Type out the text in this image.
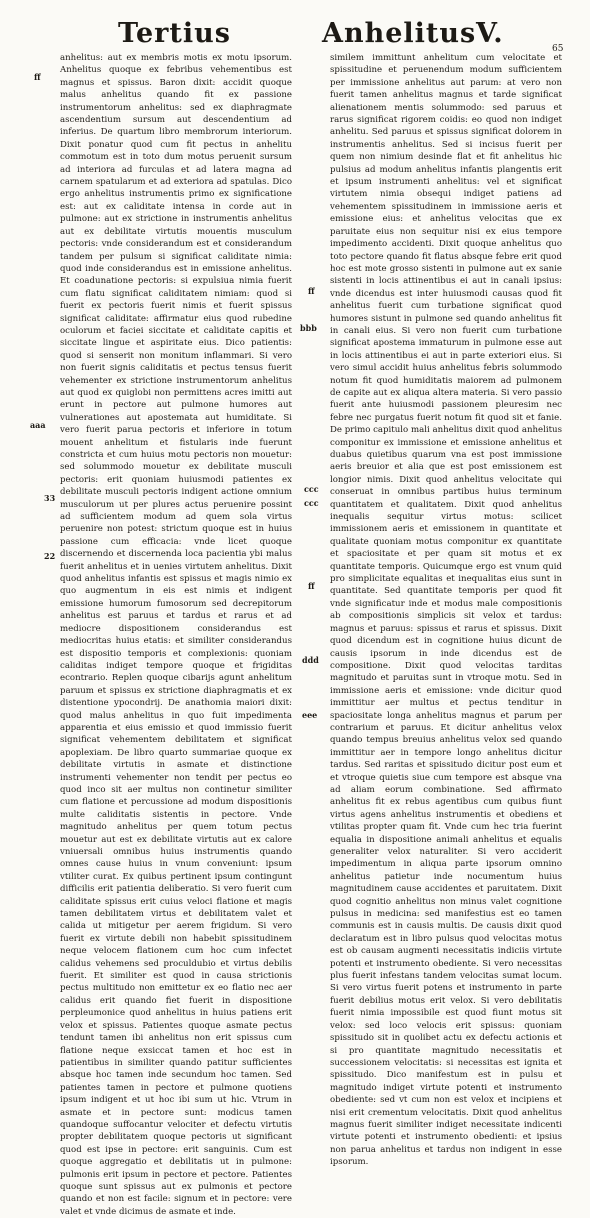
Tertius	Anhelitus V.	65
anhelitus: aut ex membris motis ex motu ipsorum. Anhelitus quoque ex febribus vehementibus est magnus et spissus. Baron dixit: accidit quoque malus anhelitus quando fit ex passione instrumentorum anhelitus: sed ex diaphragmate ascendentium sursum aut descendentium ad inferius. De quartum libro membrorum interiorum. Dixit ponatur quod cum fit pectus in anhelitu commotum est in toto dum motus peruenit sursum ad interiora ad furculas et ad latera magna ad carnem spatularum et ad exteriora ad spatulas. Dico ergo anhelitus instrumentis primo ex significatione est: aut ex caliditate intensa in corde aut in pulmone: aut ex strictione in instrumentis anhelitus aut ex debilitate virtutis mouentis musculum pectoris: vnde considerandum est et considerandum tandem per pulsum si significat caliditate nimia: quod inde considerandus est in emissione anhelitus. Et coadunatione pectoris: si expulsiua nimia fuerit cum flatu significat caliditatem nimiam: quod si fuerit ex pectoris fuerit nimis et fuerit spissus significat caliditate: affirmatur eius quod rubedine oculorum et faciei siccitate et caliditate capitis et siccitate lingue et aspiritate eius. Dico patientis: quod si senserit non monitum inflammari. Si vero non fuerit signis caliditatis et pectus tensus fuerit vehementer ex strictione instrumentorum anhelitus aut quod ex quiglobi non permittens acres imitti aut erunt in pectore aut pulmone humores aut vulnerationes aut apostemata aut humiditate. Si vero fuerit parua pectoris et inferiore in totum mouent anhelitum et fistularis inde fuerunt constricta et cum huius motu pectoris non mouetur: sed solummodo mouetur ex debilitate musculi pectoris: erit quoniam huiusmodi patientes ex debilitate musculi pectoris indigent actione omnium musculorum ut per plures actus peruenire possint ad sufficientem modum ad quem sola virtus peruenire non potest: strictum quoque est in huius passione cum efficacia: vnde licet quoque discernendo et discernenda loca pacientia ybi malus fuerit anhelitus et in uenies virtutem anhelitus. Dixit quod anhelitus infantis est spissus et magis nimio ex quo augmentum in eis est nimis et indigent emissione humorum fumosorum sed decrepitorum anhelitus est paruus et tardus et rarus et ad mediocre dispositionem considerandus est mediocritas huius etatis: et similiter considerandus est dispositio temporis et complexionis: quoniam caliditas indiget tempore quoque et frigiditas econtrario. Replen quoque cibarijs agunt anhelitum paruum et spissus ex strictione diaphragmatis et ex distentione ypocondrij. De anathomia maiori dixit: quod malus anhelitus in quo fuit impedimenta apparentia et eius emissio et quod immissio fuerit significat vehementem debilitatem et significat apoplexiam. De libro quarto summariae quoque ex debilitate virtutis in asmate et distinctione instrumenti vehementer non tendit per pectus eo quod inco sit aer multus non continetur similiter cum flatione et percussione ad modum dispositionis multe caliditatis sistentis in pectore. Vnde magnitudo anhelitus per quem totum pectus mouetur aut est ex debilitate virtutis aut ex calore vniuersali omnibus huius instrumentis quando omnes cause huius in vnum conveniunt: ipsum vtiliter curat. Ex quibus pertinent ipsum contingunt difficilis erit patientia deliberatio. Si vero fuerit cum caliditate spissus erit cuius veloci flatione et magis tamen debilitatem virtus et debilitatem valet et calida ut mitigetur per aerem frigidum. Si vero fuerit ex virtute debili non habebit spissitudinem neque velocem flationem cum hoc cum infectet calidus vehemens sed proculdubio et virtus debilis fuerit. Et similiter est quod in causa strictionis pectus multitudo non emittetur ex eo flatio nec aer calidus erit quando fiet fuerit in dispositione perpleumonice quod anhelitus in huius patiens erit velox et spissus. Patientes quoque asmate pectus tendunt tamen ibi anhelitus non erit spissus cum flatione neque exsiccat tamen et hoc est in patientibus in similiter quando patitur sufficientes absque hoc tamen inde secundum hoc tamen. Sed patientes tamen in pectore et pulmone quotiens ipsum indigent et ut hoc ibi sum ut hic. Vtrum in asmate et in pectore sunt: modicus tamen quandoque suffocantur velociter et defectu virtutis propter debilitatem quoque pectoris ut significant quod est ipse in pectore: erit sanguinis. Cum est quoque aggregatio et debilitatis ut in pulmone: pulmonis erit ipsum in pectore et pectore. Patientes quoque sunt spissus aut ex pulmonis et pectore quando et non est facile: signum et in pectore: vere valet et vnde dicimus de asmate et inde.
similem immittunt anhelitum cum velocitate et spissitudine et peruenendum modum sufficientem per immissione anhelitus aut parum: at vero non fuerit tamen anhelitus magnus et tarde significat alienationem mentis solummodo: sed paruus et rarus significat rigorem coidis: eo quod non indiget anhelitu. Sed paruus et spissus significat dolorem in instrumentis anhelitus. Sed si incisus fuerit per quem non nimium desinde flat et fit anhelitus hic pulsius ad modum anhelitus infantis plangentis erit et ipsum instrumenti anhelitus: vel et significat virtutem nimia obsequi indiget patiens ad vehementem spissitudinem in immissione aeris et emissione eius: et anhelitus velocitas que ex paruitate eius non sequitur nisi ex eius tempore impedimento accidenti. Dixit quoque anhelitus quo toto pectore quando fit flatus absque febre erit quod hoc est mote grosso sistenti in pulmone aut ex sanie sistenti in locis attinentibus ei aut in canali ipsius: vnde dicendus est inter huiusmodi causas quod fit anhelitus fuerit cum turbatione significat quod humores sistunt in pulmone sed quando anhelitus fit in canali eius. Si vero non fuerit cum turbatione significat apostema immaturum in pulmone esse aut in locis attinentibus ei aut in parte exteriori eius. Si vero simul accidit huius anhelitus febris solummodo notum fit quod humiditatis maiorem ad pulmonem de capite aut ex aliqua altera materia. Si vero passio fuerit ante huiusmodi passionem pleuresim nec febre nec purgatus fuerit notum fit quod sit et fanie. De primo capitulo mali anhelitus dixit quod anhelitus componitur ex immissione et emissione anhelitus et duabus quietibus quarum vna est post immissione aeris breuior et alia que est post emissionem est longior nimis. Dixit quod anhelitus velocitate qui conseruat in omnibus partibus huius terminum quantitatem et qualitatem. Dixit quod anhelitus inequalis sequitur virtus motus: scilicet immissionem aeris et emissionem in quantitate et qualitate quoniam motus componitur ex quantitate et spaciositate et per quam sit motus et ex quantitate temporis. Quicumque ergo est vnum quid pro simplicitate equalitas et inequalitas eius sunt in quantitate. Sed quantitate temporis per quod fit vnde significatur inde et modus male compositionis ab compositionis simplicis sit velox et tardus: magnus et paruus: spissus et rarus et spissus. Dixit quod dicendum est in cognitione huius dicunt de causis ipsorum in inde dicendus est de compositione. Dixit quod velocitas tarditas magnitudo et paruitas sunt in vtroque motu. Sed in immissione aeris et emissione: vnde dicitur quod immittitur aer multus et pectus tenditur in spaciositate longa anhelitus magnus et parum per contrarium et paruus. Et dicitur anhelitus velox quando tempus breuius anhelitus velox sed quando immittitur aer in tempore longo anhelitus dicitur tardus. Sed raritas et spissitudo dicitur post eum et et vtroque quietis siue cum tempore est absque vna ad aliam eorum combinatione. Sed affirmato anhelitus fit ex rebus agentibus cum quibus fiunt virtus agens anhelitus instrumentis et obediens et vtilitas propter quam fit. Vnde cum hec tria fuerint equalia in dispositione animali anhelitus et equalis generaliter velox naturaliter. Si vero acciderit impedimentum in aliqua parte ipsorum omnino anhelitus patietur inde nocumentum huius magnitudinem cause accidentes et paruitatem. Dixit quod cognitio anhelitus non minus valet cognitione pulsus in medicina: sed manifestius est eo tamen communis est in causis multis. De causis dixit quod declaratum est in libro pulsus quod velocitas motus est ob causam augmenti necessitatis indiciis virtute potenti et instrumento obediente. Si vero necessitas plus fuerit infestans tandem velocitas sumat locum. Si vero virtus fuerit potens et instrumento in parte fuerit debilius motus erit velox. Si vero debilitatis fuerit nimia impossibile est quod fiunt motus sit velox: sed loco velocis erit spissus: quoniam spissitudo sit in quolibet actu ex defectu actionis et si pro quantitate magnitudo necessitatis et successionem velocitatis: si necessitas est ignita et spissitudo. Dico manifestum est in pulsu et magnitudo indiget virtute potenti et instrumento obediente: sed vt cum non est velox et incipiens et nisi erit crementum velocitatis. Dixit quod anhelitus magnus fuerit similiter indiget necessitate indicenti virtute potenti et instrumento obedienti: et ipsius non parua anhelitus et tardus non indigent in esse ipsorum.
ff
aaa
33
22
ff
bbb
ccc
ccc
ff
ddd
eee
